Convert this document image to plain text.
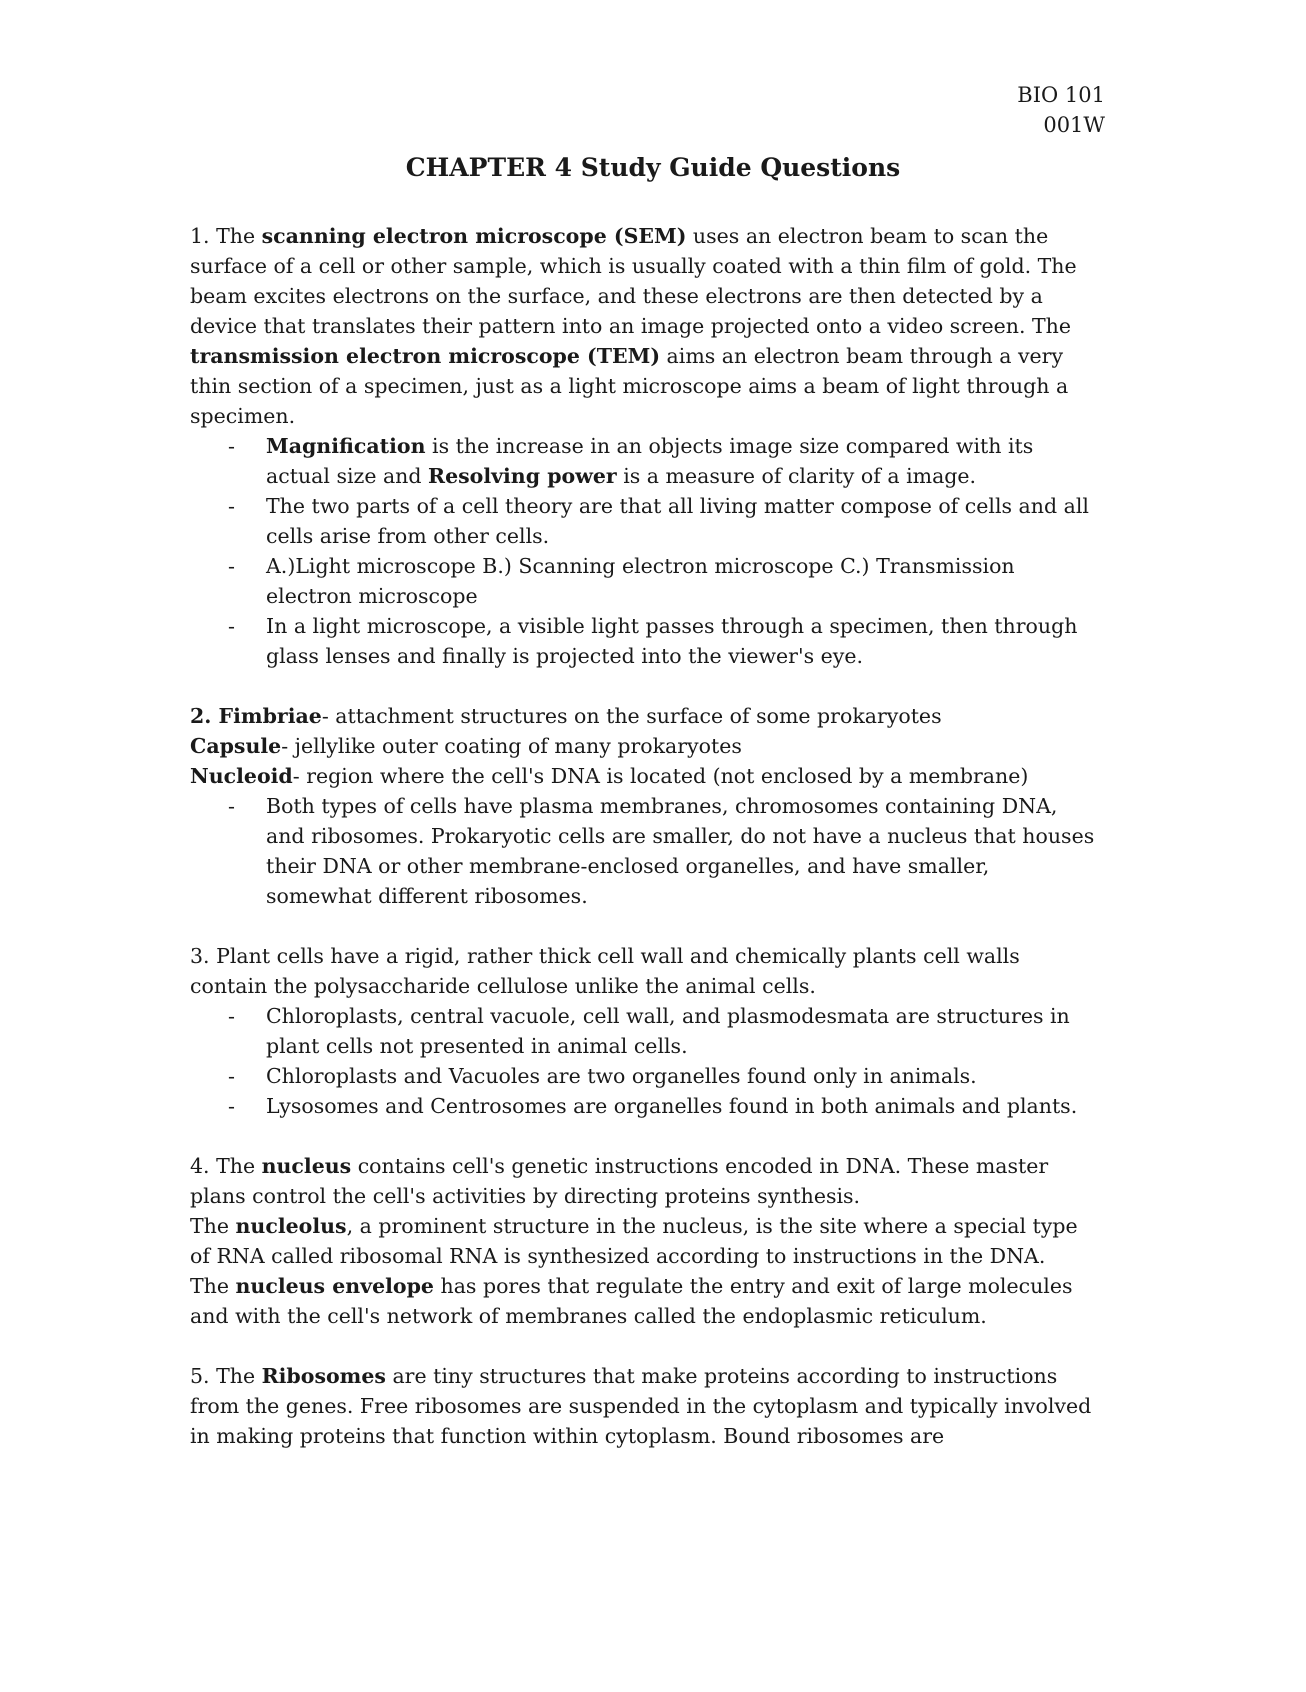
BIO 101
001W
CHAPTER 4 Study Guide Questions

1. The scanning electron microscope (SEM) uses an electron beam to scan the surface of a cell or other sample, which is usually coated with a thin film of gold. The beam excites electrons on the surface, and these electrons are then detected by a device that translates their pattern into an image projected onto a video screen. The transmission electron microscope (TEM) aims an electron beam through a very thin section of a specimen, just as a light microscope aims a beam of light through a specimen.

- Magnification is the increase in an objects image size compared with its actual size and Resolving power is a measure of clarity of a image.
- The two parts of a cell theory are that all living matter compose of cells and all cells arise from other cells.
- A.)Light microscope B.) Scanning electron microscope C.) Transmission electron microscope
- In a light microscope, a visible light passes through a specimen, then through glass lenses and finally is projected into the viewer's eye.

2. Fimbriae- attachment structures on the surface of some prokaryotes

Capsule- jellylike outer coating of many prokaryotes

Nucleoid- region where the cell's DNA is located (not enclosed by a membrane)

- Both types of cells have plasma membranes, chromosomes containing DNA, and ribosomes. Prokaryotic cells are smaller, do not have a nucleus that houses their DNA or other membrane-enclosed organelles, and have smaller, somewhat different ribosomes.

3. Plant cells have a rigid, rather thick cell wall and chemically plants cell walls contain the polysaccharide cellulose unlike the animal cells.

- Chloroplasts, central vacuole, cell wall, and plasmodesmata are structures in plant cells not presented in animal cells.
- Chloroplasts and Vacuoles are two organelles found only in animals.
- Lysosomes and Centrosomes are organelles found in both animals and plants.

4. The nucleus contains cell's genetic instructions encoded in DNA. These master plans control the cell's activities by directing proteins synthesis.

The nucleolus, a prominent structure in the nucleus, is the site where a special type of RNA called ribosomal RNA is synthesized according to instructions in the DNA.

The nucleus envelope has pores that regulate the entry and exit of large molecules and with the cell's network of membranes called the endoplasmic reticulum.

5. The Ribosomes are tiny structures that make proteins according to instructions from the genes. Free ribosomes are suspended in the cytoplasm and typically involved in making proteins that function within cytoplasm. Bound ribosomes are
